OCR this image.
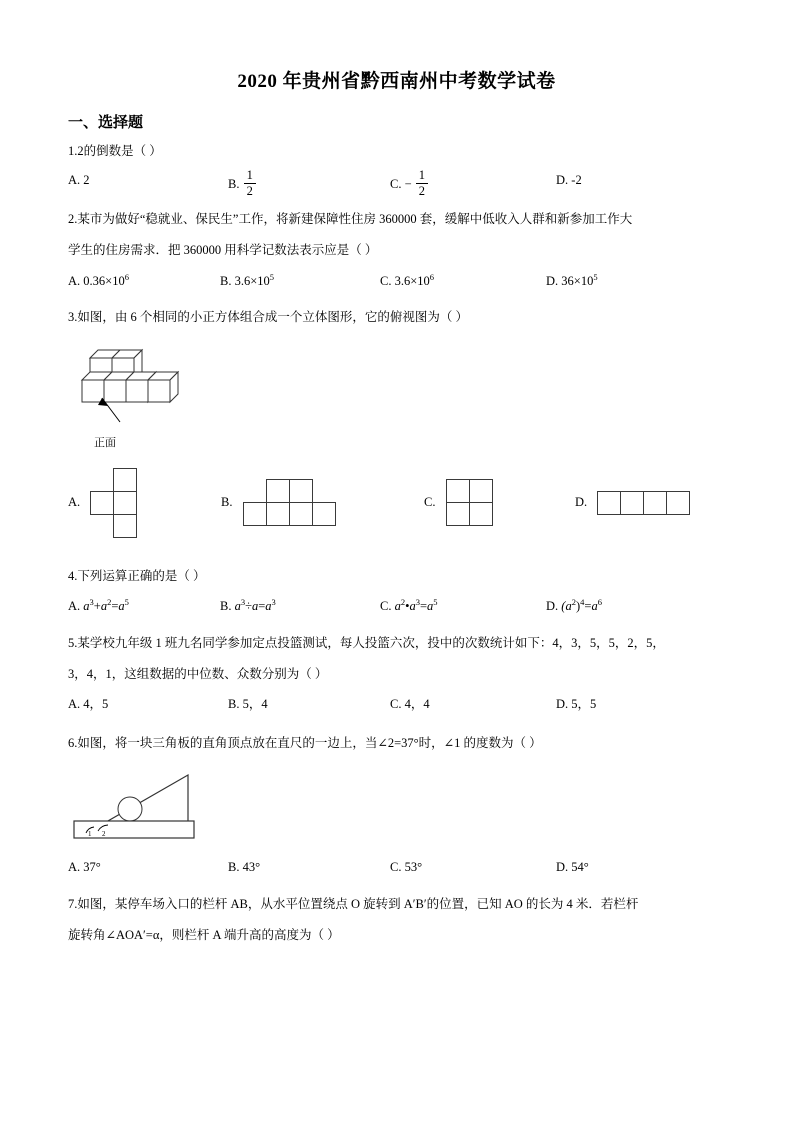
2020 年贵州省黔西南州中考数学试卷
一、选择题
1.2的倒数是（ ）
A. 2	B. $\frac{1}{2}$	C. − $\frac{1}{2}$	D. -2
2.某市为做好“稳就业、保民生”工作，将新建保障性住房 360000 套，缓解中低收入人群和新参加工作大
学生的住房需求．把 360000 用科学记数法表示应是（ ）
A. $0.36\times 10^6$	B. $3.6\times 10^5$	C. $3.6\times 10^6$	D. $36\times 10^5$
3.如图，由 6 个相同的小正方体组合成一个立体图形，它的俯视图为（ ）
正面
A.

		B.

				C.

		D.

4.下列运算正确的是（ ）
A. $a^3+a^2=a^5$	B. $a^3\div a=a^3$	C. $a^2•a^3=a^5$	D. $(a^2)^4=a^6$
5.某学校九年级 1 班九名同学参加定点投篮测试，每人投篮六次，投中的次数统计如下：4，3，5，5，2，5，
3，4，1，这组数据的中位数、众数分别为（ ）
A. 4，5	B. 5，4	C. 4，4	D. 5，5
6.如图，将一块三角板的直角顶点放在直尺的一边上，当∠2=37°时，∠1 的度数为（ ）
1 2
A. 37°	B. 43°	C. 53°	D. 54°
7.如图，某停车场入口的栏杆 AB，从水平位置绕点 O 旋转到 A′B′的位置，已知 AO 的长为 4 米．若栏杆
旋转角∠AOA′=α，则栏杆 A 端升高的高度为（ ）
